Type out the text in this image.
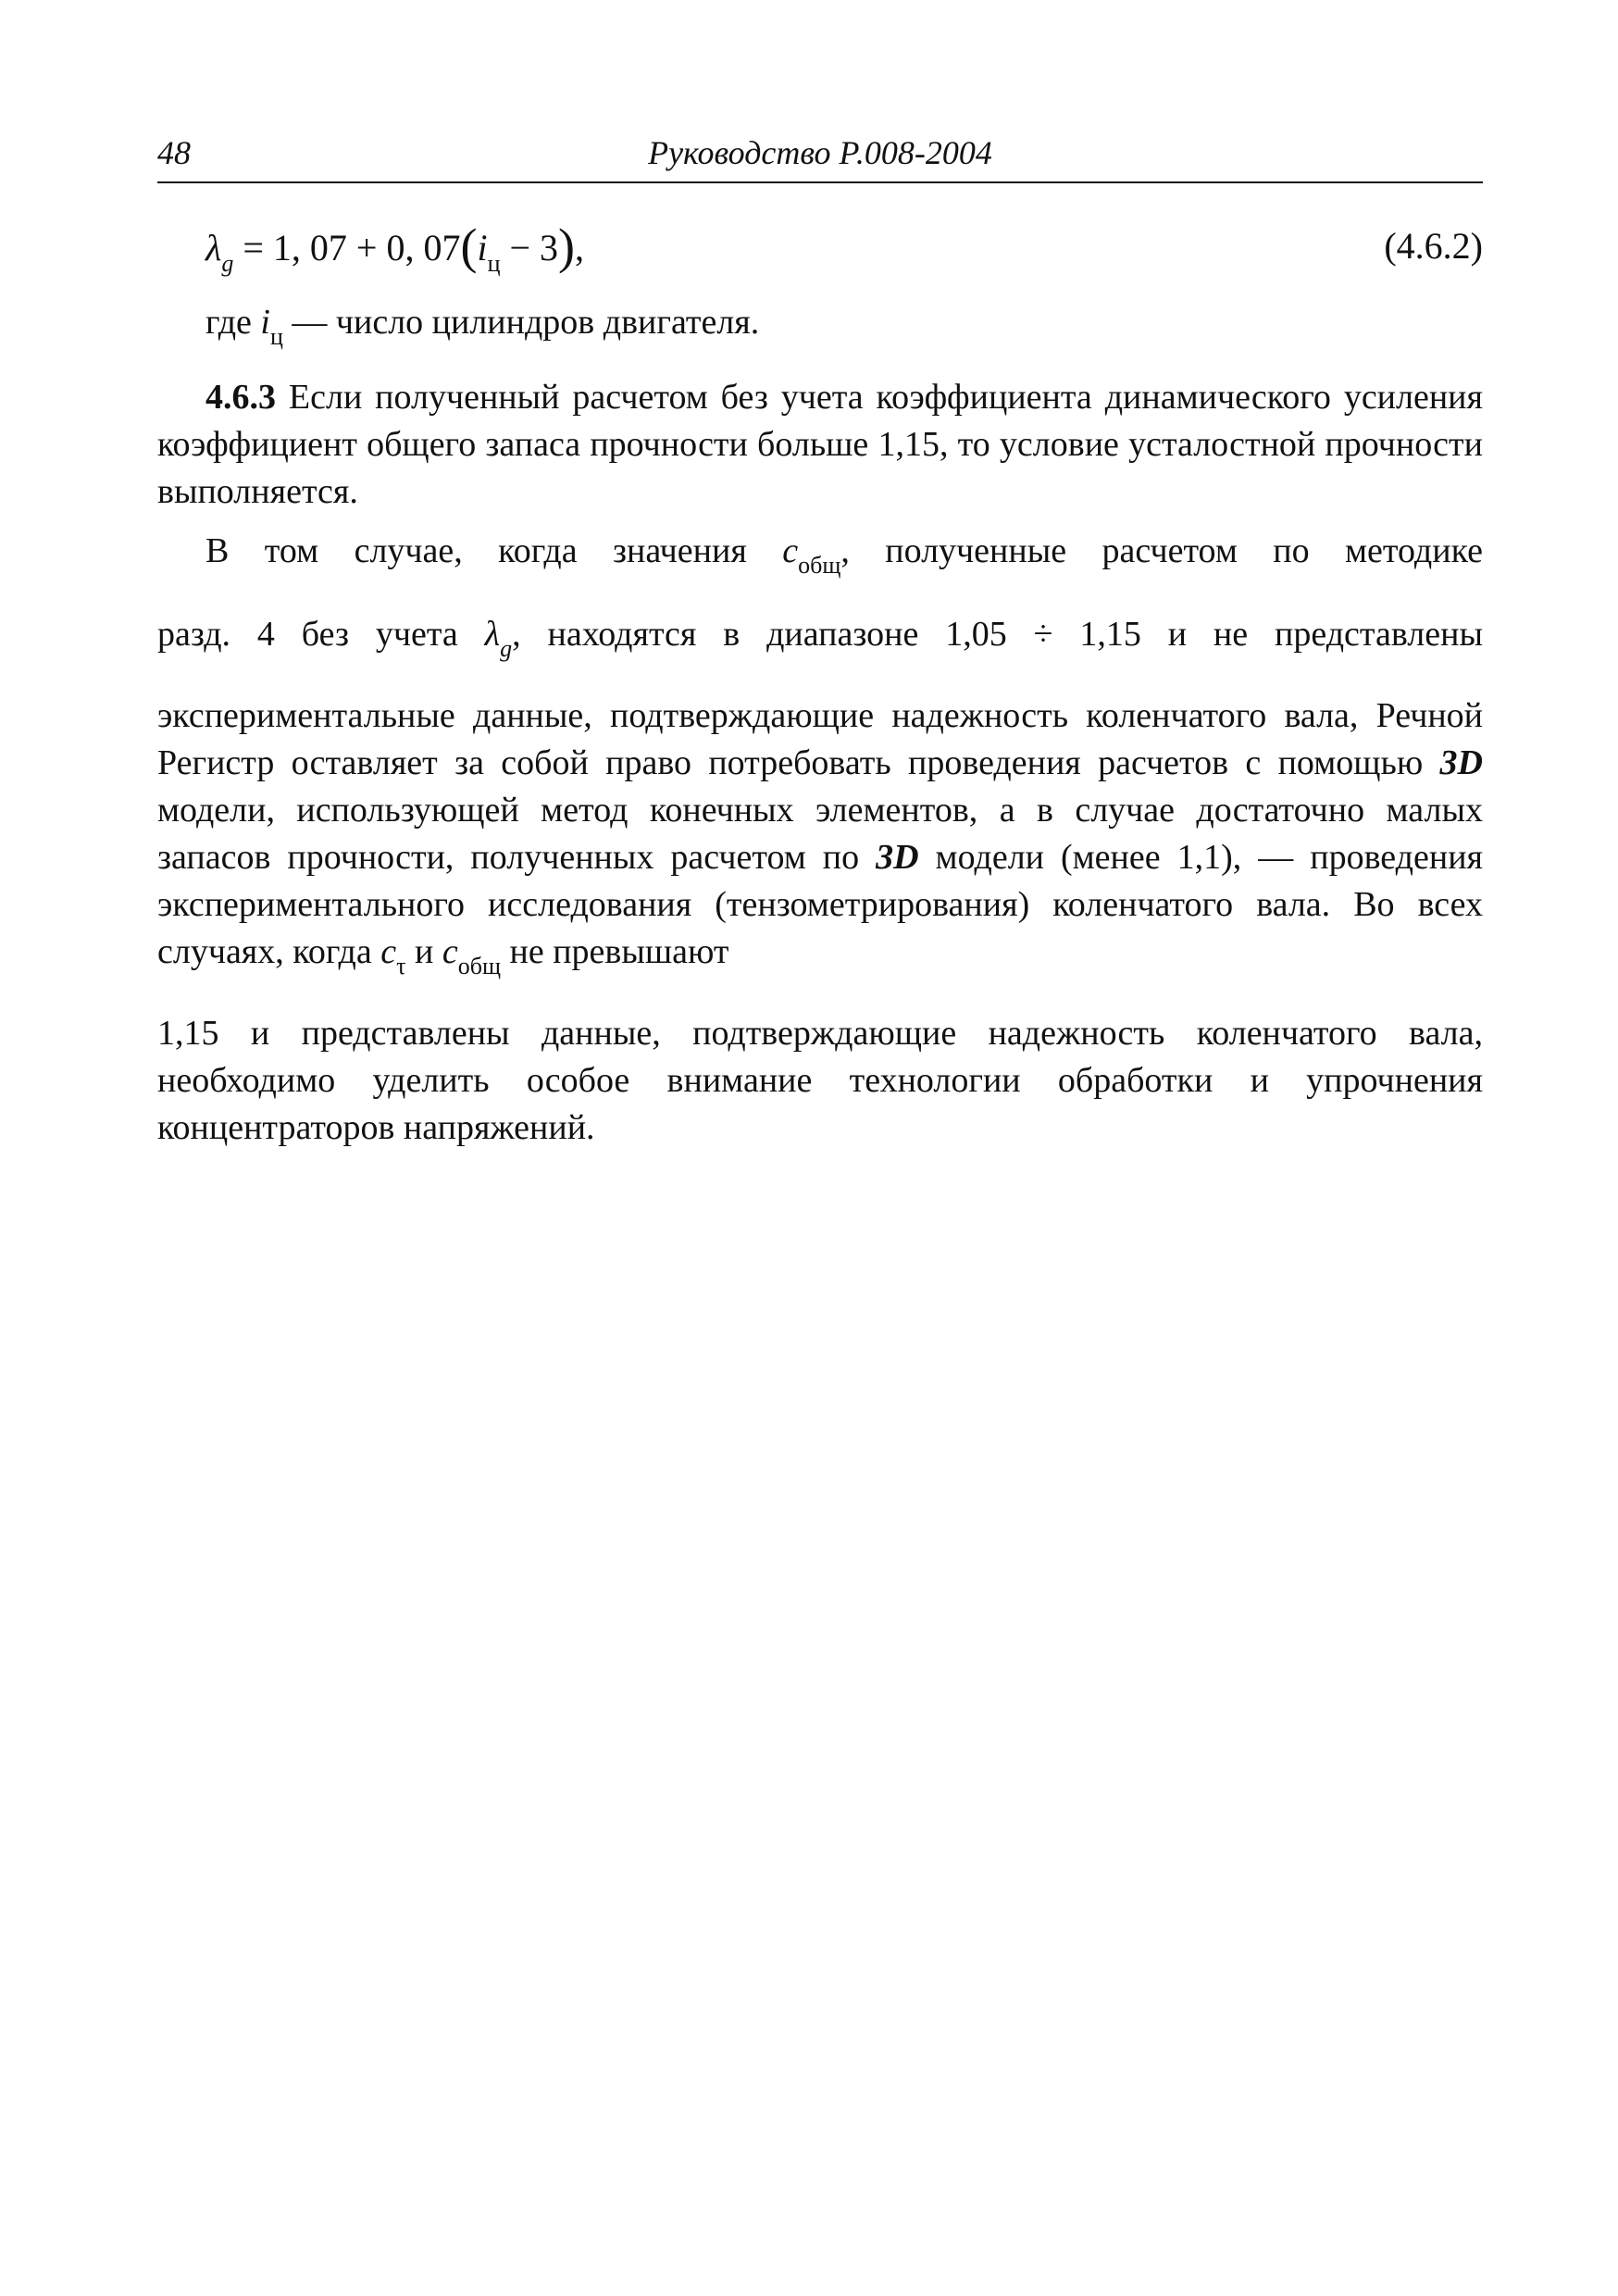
48	Руководство Р.008-2004
$\lambda_g = 1$, 07 + 0, $07(i_ц - 3)$,	(4.6.2)
где $i_ц$ — число цилиндров двигателя.
4.6.3 Если полученный расчетом без учета коэффициента динамического усиления коэффициент общего запаса прочности больше 1,15, то условие усталостной прочности выполняется.
В том случае, когда значения $c_{общ}$, полученные расчетом по методике
разд. 4 без учета $\lambda_g$, находятся в диапазоне 1,05 ÷ 1,15 и не представлены
экспериментальные данные, подтверждающие надежность коленчатого вала, Речной Регистр оставляет за собой право потребовать проведения расчетов с помощью 3D модели, использующей метод конечных элементов, а в случае достаточно малых запасов прочности, полученных расчетом по 3D модели (менее 1,1), — проведения экспериментального исследования (тензометрирования) коленчатого вала. Во всех случаях, когда $c_\tau$ и $c_{общ}$ не превышают
1,15 и представлены данные, подтверждающие надежность коленчатого вала, необходимо уделить особое внимание технологии обработки и упрочнения концентраторов напряжений.
